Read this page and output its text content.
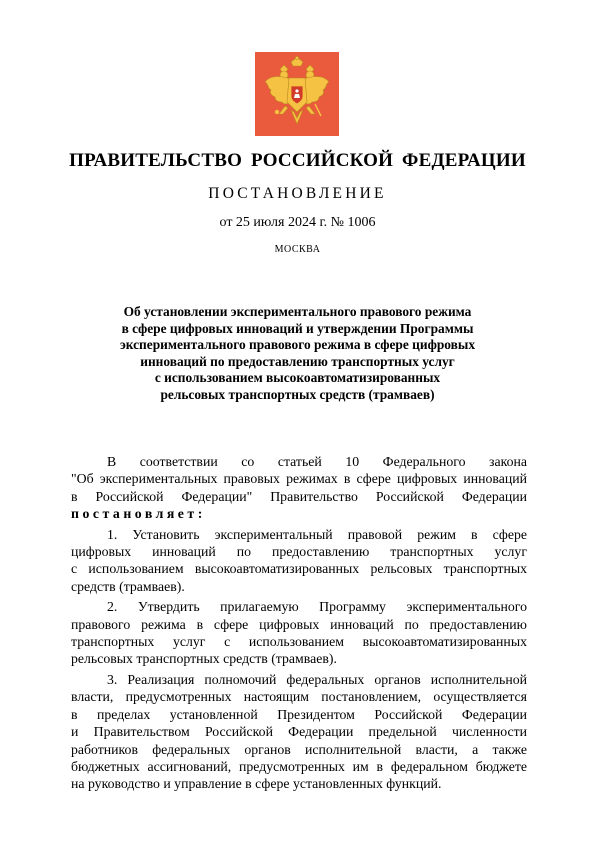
ПРАВИТЕЛЬСТВО РОССИЙСКОЙ ФЕДЕРАЦИИ
ПОСТАНОВЛЕНИЕ
от 25 июля 2024 г. № 1006
МОСКВА
Об установлении экспериментального правового режима
в сфере цифровых инноваций и утверждении Программы
экспериментального правового режима в сфере цифровых
инноваций по предоставлению транспортных услуг
с использованием высокоавтоматизированных
рельсовых транспортных средств (трамваев)
В соответствии со статьей 10 Федерального закона
"Об экспериментальных правовых режимах в сфере цифровых инноваций
в Российской Федерации" Правительство Российской Федерации
постановляет:
1. Установить экспериментальный правовой режим в сфере
цифровых инноваций по предоставлению транспортных услуг
с использованием высокоавтоматизированных рельсовых транспортных
средств (трамваев).
2. Утвердить прилагаемую Программу экспериментального
правового режима в сфере цифровых инноваций по предоставлению
транспортных услуг с использованием высокоавтоматизированных
рельсовых транспортных средств (трамваев).
3. Реализация полномочий федеральных органов исполнительной
власти, предусмотренных настоящим постановлением, осуществляется
в пределах установленной Президентом Российской Федерации
и Правительством Российской Федерации предельной численности
работников федеральных органов исполнительной власти, а также
бюджетных ассигнований, предусмотренных им в федеральном бюджете
на руководство и управление в сфере установленных функций.
